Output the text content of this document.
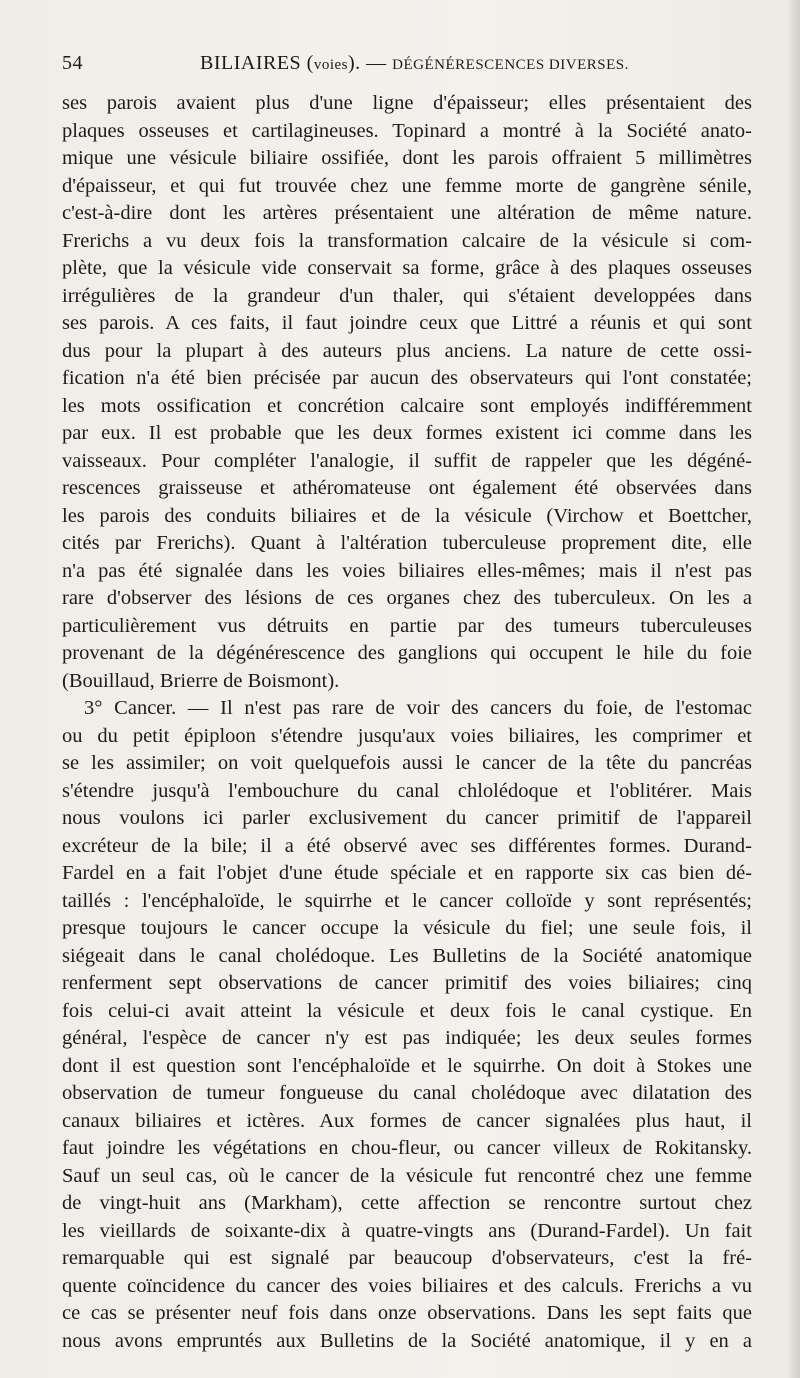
54	BILIAIRES (voies). — DÉGÉNÉRESCENCES DIVERSES.
ses parois avaient plus d'une ligne d'épaisseur; elles présentaient des
plaques osseuses et cartilagineuses. Topinard a montré à la Société anato-
mique une vésicule biliaire ossifiée, dont les parois offraient 5 millimètres
d'épaisseur, et qui fut trouvée chez une femme morte de gangrène sénile,
c'est-à-dire dont les artères présentaient une altération de même nature.
Frerichs a vu deux fois la transformation calcaire de la vésicule si com-
plète, que la vésicule vide conservait sa forme, grâce à des plaques osseuses
irrégulières de la grandeur d'un thaler, qui s'étaient developpées dans
ses parois. A ces faits, il faut joindre ceux que Littré a réunis et qui sont
dus pour la plupart à des auteurs plus anciens. La nature de cette ossi-
fication n'a été bien précisée par aucun des observateurs qui l'ont constatée;
les mots ossification et concrétion calcaire sont employés indifféremment
par eux. Il est probable que les deux formes existent ici comme dans les
vaisseaux. Pour compléter l'analogie, il suffit de rappeler que les dégéné-
rescences graisseuse et athéromateuse ont également été observées dans
les parois des conduits biliaires et de la vésicule (Virchow et Boettcher,
cités par Frerichs). Quant à l'altération tuberculeuse proprement dite, elle
n'a pas été signalée dans les voies biliaires elles-mêmes; mais il n'est pas
rare d'observer des lésions de ces organes chez des tuberculeux. On les a
particulièrement vus détruits en partie par des tumeurs tuberculeuses
provenant de la dégénérescence des ganglions qui occupent le hile du foie
(Bouillaud, Brierre de Boismont).
3° Cancer. — Il n'est pas rare de voir des cancers du foie, de l'estomac
ou du petit épiploon s'étendre jusqu'aux voies biliaires, les comprimer et
se les assimiler; on voit quelquefois aussi le cancer de la tête du pancréas
s'étendre jusqu'à l'embouchure du canal chlolédoque et l'oblitérer. Mais
nous voulons ici parler exclusivement du cancer primitif de l'appareil
excréteur de la bile; il a été observé avec ses différentes formes. Durand-
Fardel en a fait l'objet d'une étude spéciale et en rapporte six cas bien dé-
taillés : l'encéphaloïde, le squirrhe et le cancer colloïde y sont représentés;
presque toujours le cancer occupe la vésicule du fiel; une seule fois, il
siégeait dans le canal cholédoque. Les Bulletins de la Société anatomique
renferment sept observations de cancer primitif des voies biliaires; cinq
fois celui-ci avait atteint la vésicule et deux fois le canal cystique. En
général, l'espèce de cancer n'y est pas indiquée; les deux seules formes
dont il est question sont l'encéphaloïde et le squirrhe. On doit à Stokes une
observation de tumeur fongueuse du canal cholédoque avec dilatation des
canaux biliaires et ictères. Aux formes de cancer signalées plus haut, il
faut joindre les végétations en chou-fleur, ou cancer villeux de Rokitansky.
Sauf un seul cas, où le cancer de la vésicule fut rencontré chez une femme
de vingt-huit ans (Markham), cette affection se rencontre surtout chez
les vieillards de soixante-dix à quatre-vingts ans (Durand-Fardel). Un fait
remarquable qui est signalé par beaucoup d'observateurs, c'est la fré-
quente coïncidence du cancer des voies biliaires et des calculs. Frerichs a vu
ce cas se présenter neuf fois dans onze observations. Dans les sept faits que
nous avons empruntés aux Bulletins de la Société anatomique, il y en a
